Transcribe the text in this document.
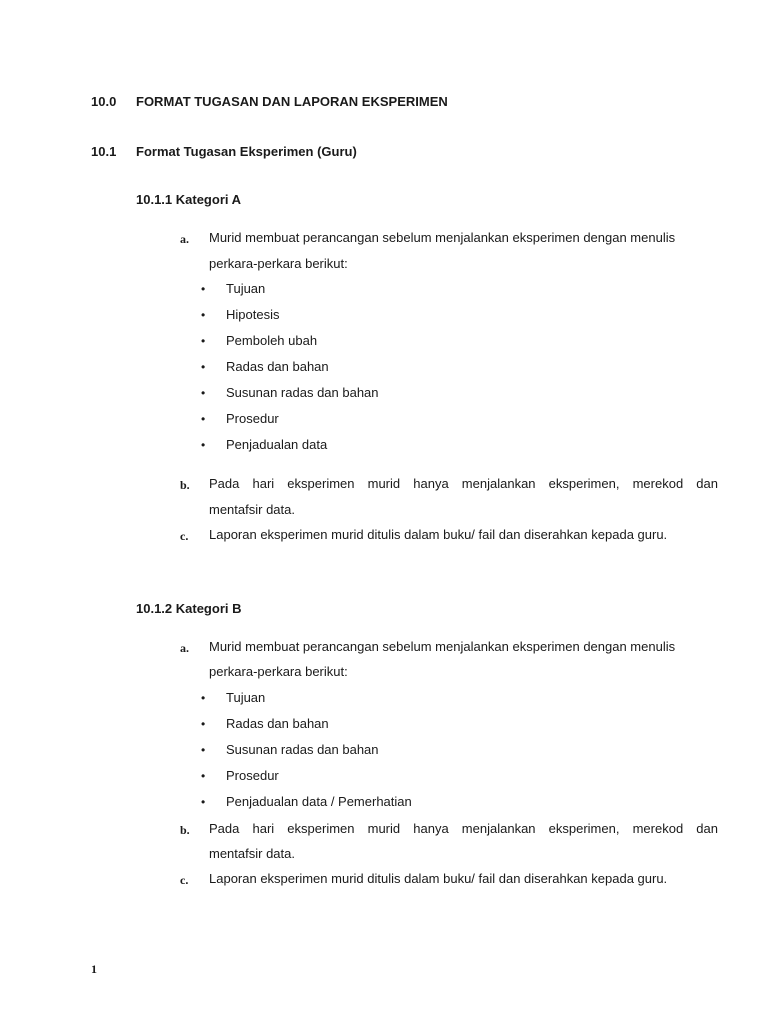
10.0 FORMAT TUGASAN DAN LAPORAN EKSPERIMEN
10.1 Format Tugasan Eksperimen (Guru)
10.1.1 Kategori A
a. Murid membuat perancangan sebelum menjalankan eksperimen dengan menulis
perkara-perkara berikut:
• Tujuan
• Hipotesis
• Pemboleh ubah
• Radas dan bahan
• Susunan radas dan bahan
• Prosedur
• Penjadualan data
b. Pada hari eksperimen murid hanya menjalankan eksperimen, merekod dan
mentafsir data.
c. Laporan eksperimen murid ditulis dalam buku/ fail dan diserahkan kepada guru.
10.1.2 Kategori B
a. Murid membuat perancangan sebelum menjalankan eksperimen dengan menulis
perkara-perkara berikut:
• Tujuan
• Radas dan bahan
• Susunan radas dan bahan
• Prosedur
• Penjadualan data / Pemerhatian
b. Pada hari eksperimen murid hanya menjalankan eksperimen, merekod dan
mentafsir data.
c. Laporan eksperimen murid ditulis dalam buku/ fail dan diserahkan kepada guru.
1
